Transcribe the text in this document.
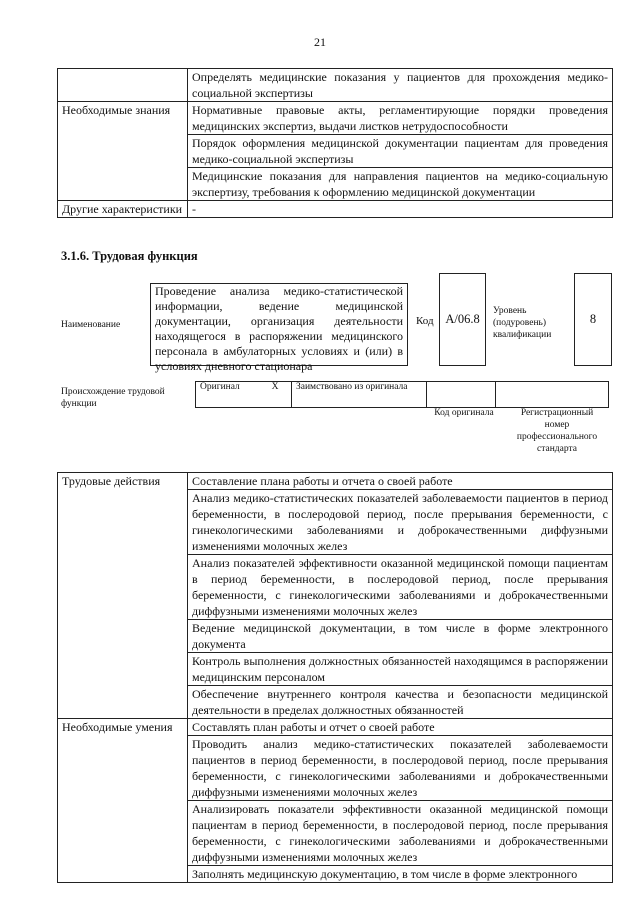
21
	Определять медицинские показания у пациентов для прохождения медико-социальной экспертизы
Необходимые знания	Нормативные правовые акты, регламентирующие порядки проведения медицинских экспертиз, выдачи листков нетрудоспособности
	Порядок оформления медицинской документации пациентам для проведения медико-социальной экспертизы
	Медицинские показания для направления пациентов на медико-социальную экспертизу, требования к оформлению медицинской документации
Другие характеристики	-
3.1.6. Трудовая функция
Наименование
Проведение анализа медико-статистической информации, ведение медицинской документации, организация деятельности находящегося в распоряжении медицинского персонала в амбулаторных условиях и (или) в условиях дневного стационара
Код A/06.8
Уровень (подуровень) квалификации
8
Происхождение трудовой функции
Оригинал	X	Заимствовано из оригинала		
Код оригинала	Регистрационный номер профессионального стандарта
Трудовые действия	Составление плана работы и отчета о своей работе
	Анализ медико-статистических показателей заболеваемости пациентов в период беременности, в послеродовой период, после прерывания беременности, с гинекологическими заболеваниями и доброкачественными диффузными изменениями молочных желез
	Анализ показателей эффективности оказанной медицинской помощи пациентам в период беременности, в послеродовой период, после прерывания беременности, с гинекологическими заболеваниями и доброкачественными диффузными изменениями молочных желез
	Ведение медицинской документации, в том числе в форме электронного документа
	Контроль выполнения должностных обязанностей находящимся в распоряжении медицинским персоналом
	Обеспечение внутреннего контроля качества и безопасности медицинской деятельности в пределах должностных обязанностей
Необходимые умения	Составлять план работы и отчет о своей работе
	Проводить анализ медико-статистических показателей заболеваемости пациентов в период беременности, в послеродовой период, после прерывания беременности, с гинекологическими заболеваниями и доброкачественными диффузными изменениями молочных желез
	Анализировать показатели эффективности оказанной медицинской помощи пациентам в период беременности, в послеродовой период, после прерывания беременности, с гинекологическими заболеваниями и доброкачественными диффузными изменениями молочных желез
	Заполнять медицинскую документацию, в том числе в форме электронного
